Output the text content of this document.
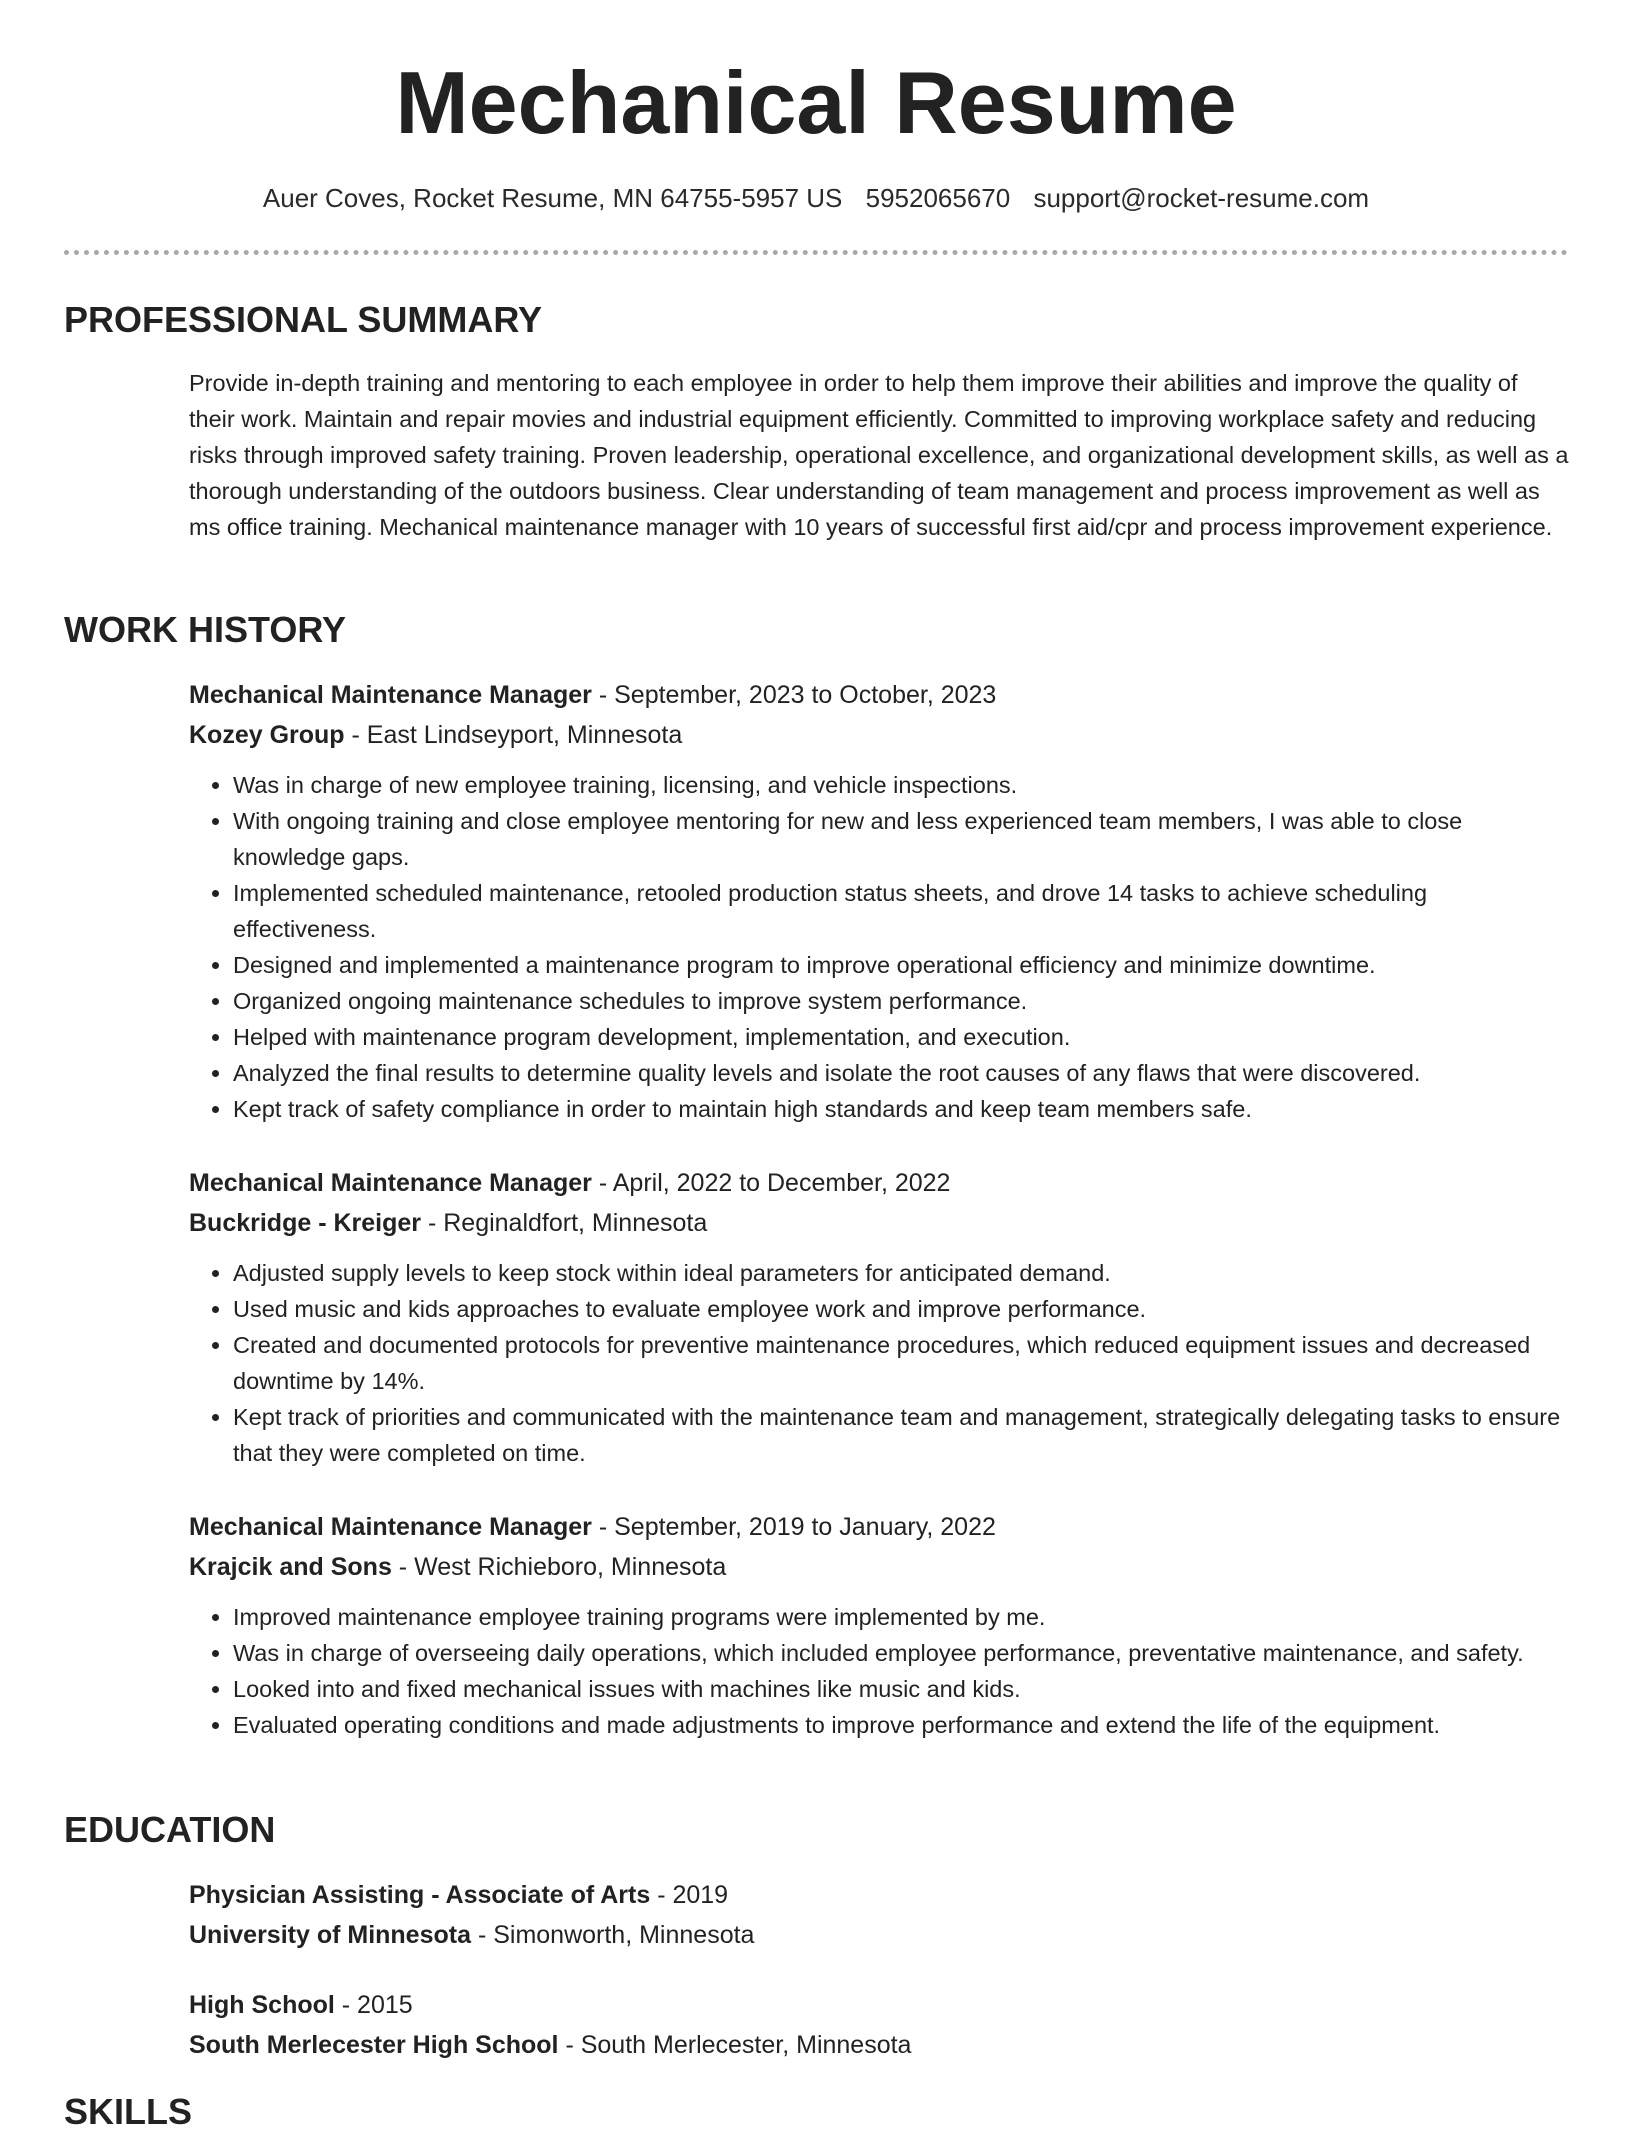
Mechanical Resume
Auer Coves, Rocket Resume, MN 64755-5957 US 5952065670 support@rocket-resume.com
PROFESSIONAL SUMMARY

Provide in-depth training and mentoring to each employee in order to help them improve their abilities and improve the quality of their work. Maintain and repair movies and industrial equipment efficiently. Committed to improving workplace safety and reducing risks through improved safety training. Proven leadership, operational excellence, and organizational development skills, as well as a thorough understanding of the outdoors business. Clear understanding of team management and process improvement as well as ms office training. Mechanical maintenance manager with 10 years of successful first aid/cpr and process improvement experience.

WORK HISTORY
Mechanical Maintenance Manager - September, 2023 to October, 2023
Kozey Group - East Lindseyport, Minnesota
• Was in charge of new employee training, licensing, and vehicle inspections.
• With ongoing training and close employee mentoring for new and less experienced team members, I was able to close knowledge gaps.
• Implemented scheduled maintenance, retooled production status sheets, and drove 14 tasks to achieve scheduling effectiveness.
• Designed and implemented a maintenance program to improve operational efficiency and minimize downtime.
• Organized ongoing maintenance schedules to improve system performance.
• Helped with maintenance program development, implementation, and execution.
• Analyzed the final results to determine quality levels and isolate the root causes of any flaws that were discovered.
• Kept track of safety compliance in order to maintain high standards and keep team members safe.
Mechanical Maintenance Manager - April, 2022 to December, 2022
Buckridge - Kreiger - Reginaldfort, Minnesota
• Adjusted supply levels to keep stock within ideal parameters for anticipated demand.
• Used music and kids approaches to evaluate employee work and improve performance.
• Created and documented protocols for preventive maintenance procedures, which reduced equipment issues and decreased downtime by 14%.
• Kept track of priorities and communicated with the maintenance team and management, strategically delegating tasks to ensure that they were completed on time.
Mechanical Maintenance Manager - September, 2019 to January, 2022
Krajcik and Sons - West Richieboro, Minnesota
• Improved maintenance employee training programs were implemented by me.
• Was in charge of overseeing daily operations, which included employee performance, preventative maintenance, and safety.
• Looked into and fixed mechanical issues with machines like music and kids.
• Evaluated operating conditions and made adjustments to improve performance and extend the life of the equipment.
EDUCATION
Physician Assisting - Associate of Arts - 2019
University of Minnesota - Simonworth, Minnesota
High School - 2015
South Merlecester High School - South Merlecester, Minnesota
SKILLS
